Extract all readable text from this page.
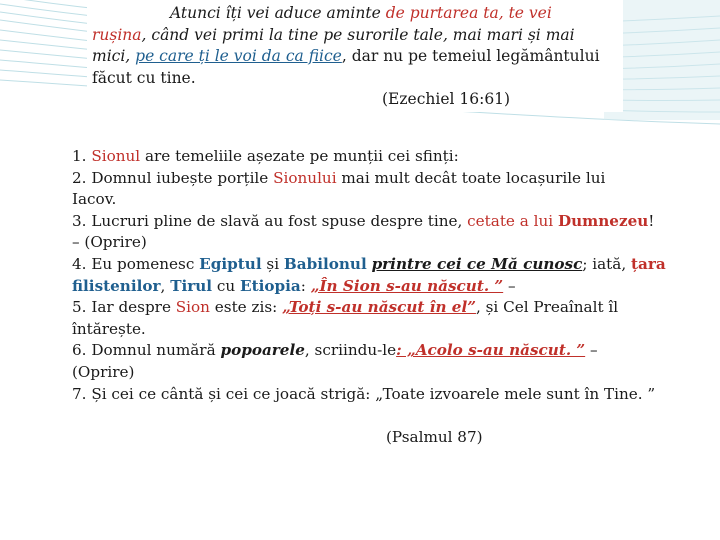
Atunci îți vei aduce aminte de purtarea ta, te vei

rușina, când vei primi la tine pe surorile tale, mai mari și mai

mici, pe care ți le voi da ca fiice, dar nu pe temeiul legământului

făcut cu tine.

(Ezechiel 16:61)

1. Sionul are temeliile așezate pe munții cei sfinți:

2. Domnul iubește porțile Sionului mai mult decât toate locașurile lui
Iacov.

3. Lucruri pline de slavă au fost spuse despre tine, cetate a lui Dumnezeu!
– (Oprire)

4. Eu pomenesc Egiptul și Babilonul printre cei ce Mă cunosc; iată, țara
filistenilor, Tirul cu Etiopia: „În Sion s-au născut. ” –

5. Iar despre Sion este zis: „Toți s-au născut în el”, și Cel Preaînalt îl
întărește.

6. Domnul numără popoarele, scriindu-le: „Acolo s-au născut. ” –
(Oprire)

7. Și cei ce cântă și cei ce joacă strigă: „Toate izvoarele mele sunt în Tine. ”

(Psalmul 87)
